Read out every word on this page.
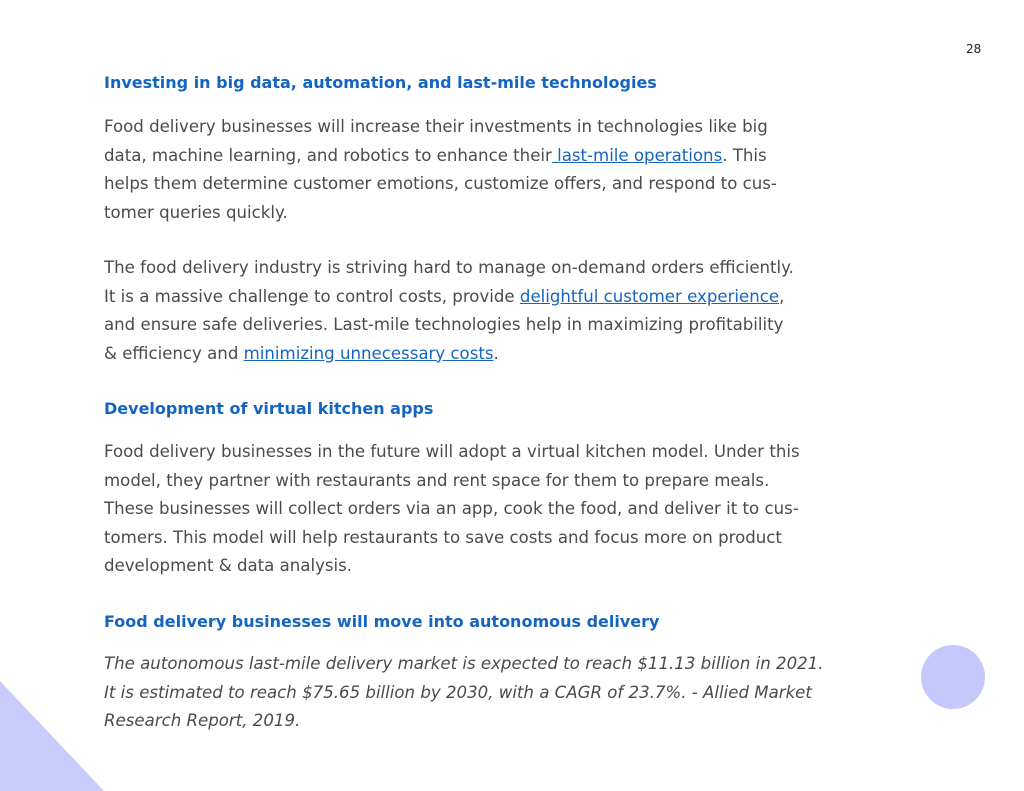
28
Investing in big data, automation, and last-mile technologies
Food delivery businesses will increase their investments in technologies like big
data, machine learning, and robotics to enhance their last-mile operations. This
helps them determine customer emotions, customize offers, and respond to cus-
tomer queries quickly.
The food delivery industry is striving hard to manage on-demand orders efficiently.
It is a massive challenge to control costs, provide delightful customer experience,
and ensure safe deliveries. Last-mile technologies help in maximizing profitability
& efficiency and minimizing unnecessary costs.
Development of virtual kitchen apps
Food delivery businesses in the future will adopt a virtual kitchen model. Under this
model, they partner with restaurants and rent space for them to prepare meals.
These businesses will collect orders via an app, cook the food, and deliver it to cus-
tomers. This model will help restaurants to save costs and focus more on product
development & data analysis.
Food delivery businesses will move into autonomous delivery
The autonomous last-mile delivery market is expected to reach $11.13 billion in 2021.
It is estimated to reach $75.65 billion by 2030, with a CAGR of 23.7%. - Allied Market
Research Report, 2019.
